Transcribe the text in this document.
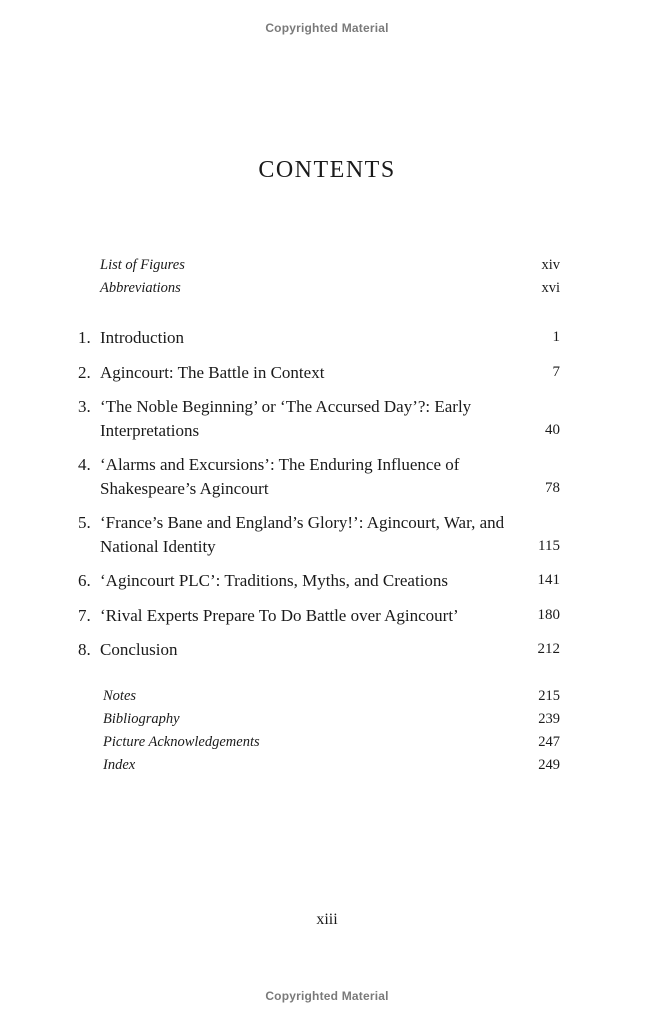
Copyrighted Material
CONTENTS
List of Figures	xiv
Abbreviations	xvi
1. Introduction	1
2. Agincourt: The Battle in Context	7
3. ‘The Noble Beginning’ or ‘The Accursed Day’?: Early Interpretations	40
4. ‘Alarms and Excursions’: The Enduring Influence of Shakespeare’s Agincourt	78
5. ‘France’s Bane and England’s Glory!’: Agincourt, War, and National Identity	115
6. ‘Agincourt PLC’: Traditions, Myths, and Creations	141
7. ‘Rival Experts Prepare To Do Battle over Agincourt’	180
8. Conclusion	212
Notes	215
Bibliography	239
Picture Acknowledgements	247
Index	249
xiii
Copyrighted Material
